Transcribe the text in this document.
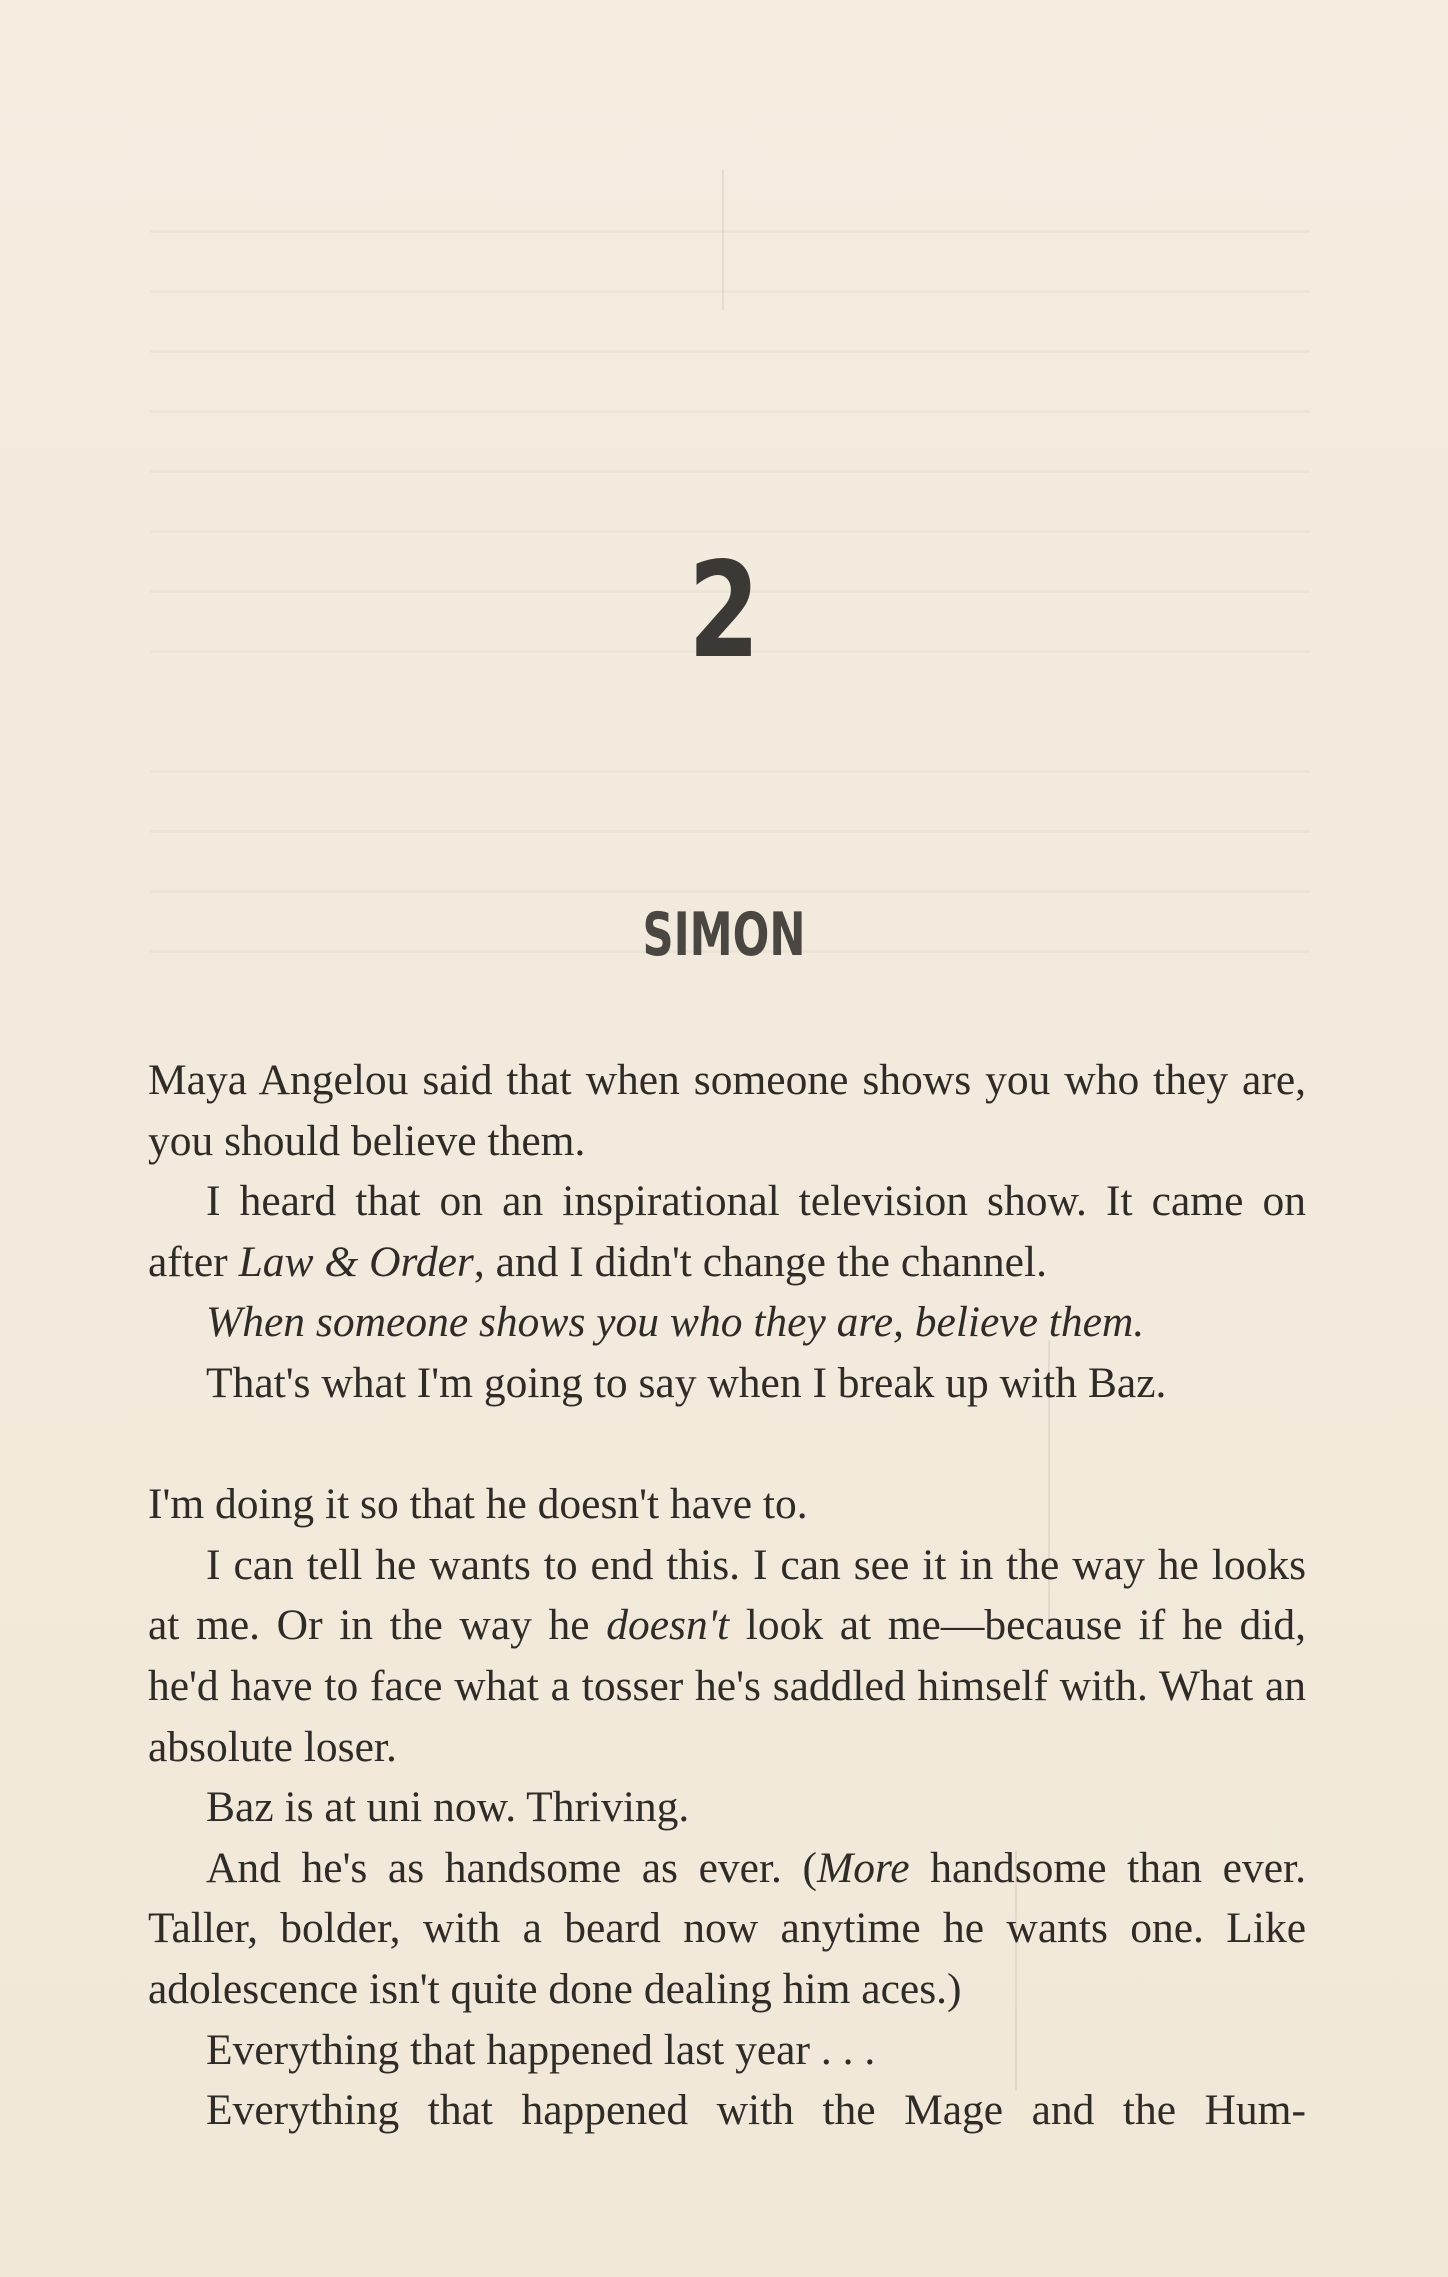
2
SIMON

Maya Angelou said that when someone shows you who they are, you should believe them.

I heard that on an inspirational television show. It came on after Law & Order, and I didn't change the channel.

When someone shows you who they are, believe them.

That's what I'm going to say when I break up with Baz.

I'm doing it so that he doesn't have to.

I can tell he wants to end this. I can see it in the way he looks at me. Or in the way he doesn't look at me—because if he did, he'd have to face what a tosser he's saddled himself with. What an absolute loser.

Baz is at uni now. Thriving.

And he's as handsome as ever. (More handsome than ever. Taller, bolder, with a beard now anytime he wants one. Like adolescence isn't quite done dealing him aces.)

Everything that happened last year . . .

Everything that happened with the Mage and the Hum-
